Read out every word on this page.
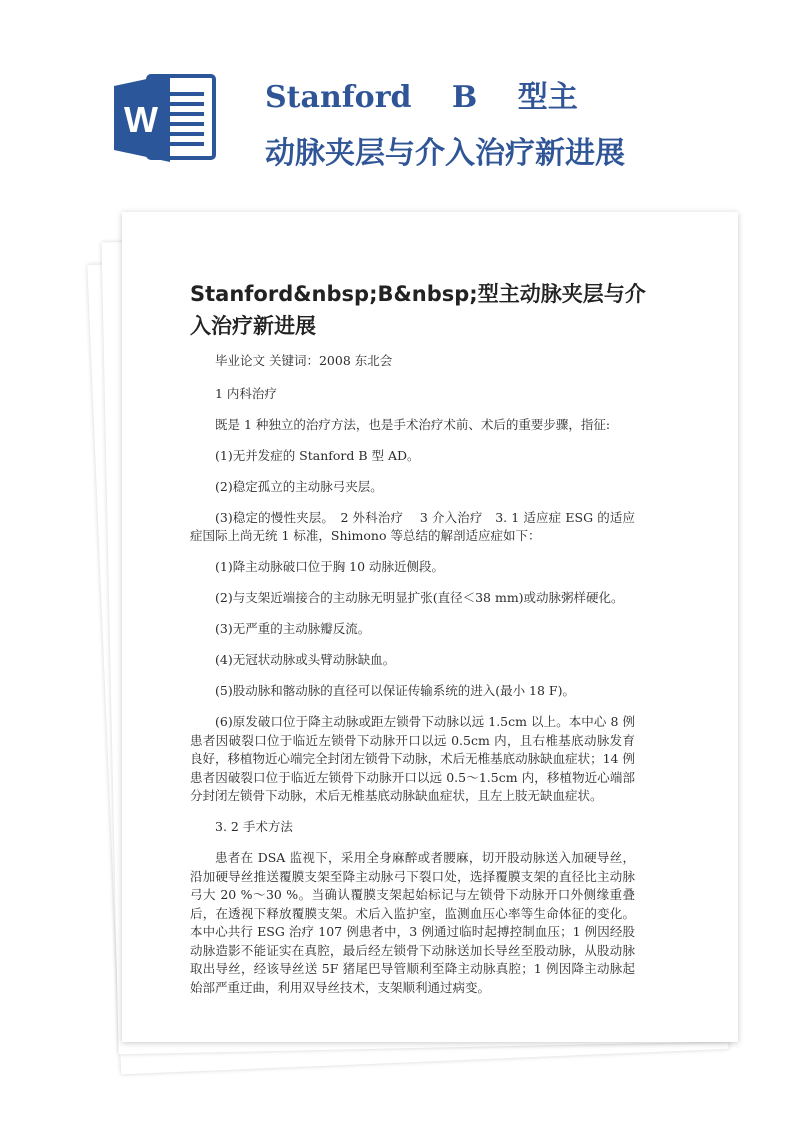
W
Stanford　 B　 型主
动脉夹层与介入治疗新进展
Stanford&nbsp;B&nbsp;型主动脉夹层与介入治疗新进展

毕业论文 关键词：2008 东北会

1 内科治疗

既是 1 种独立的治疗方法，也是手术治疗术前、术后的重要步骤，指征:

(1)无并发症的 Stanford B 型 AD。

(2)稳定孤立的主动脉弓夹层。

(3)稳定的慢性夹层。　2 外科治疗　 3 介入治疗　3. 1 适应症 ESG 的适应症国际上尚无统 1 标准，Shimono 等总结的解剖适应症如下：

(1)降主动脉破口位于胸 10 动脉近侧段。

(2)与支架近端接合的主动脉无明显扩张(直径＜38 mm)或动脉粥样硬化。

(3)无严重的主动脉瓣反流。

(4)无冠状动脉或头臂动脉缺血。

(5)股动脉和髂动脉的直径可以保证传输系统的进入(最小 18 F)。

(6)原发破口位于降主动脉或距左锁骨下动脉以远 1.5cm 以上。本中心 8 例患者因破裂口位于临近左锁骨下动脉开口以远 0.5cm 内，且右椎基底动脉发育良好，移植物近心端完全封闭左锁骨下动脉，术后无椎基底动脉缺血症状；14 例患者因破裂口位于临近左锁骨下动脉开口以远 0.5～1.5cm 内，移植物近心端部分封闭左锁骨下动脉，术后无椎基底动脉缺血症状，且左上肢无缺血症状。

3. 2 手术方法

患者在 DSA 监视下，采用全身麻醉或者腰麻，切开股动脉送入加硬导丝，沿加硬导丝推送覆膜支架至降主动脉弓下裂口处，选择覆膜支架的直径比主动脉弓大 20 %～30 %。当确认覆膜支架起始标记与左锁骨下动脉开口外侧缘重叠后，在透视下释放覆膜支架。术后入监护室，监测血压心率等生命体征的变化。本中心共行 ESG 治疗 107 例患者中，3 例通过临时起搏控制血压；1 例因经股动脉造影不能证实在真腔，最后经左锁骨下动脉送加长导丝至股动脉，从股动脉取出导丝，经该导丝送 5F 猪尾巴导管顺利至降主动脉真腔；1 例因降主动脉起始部严重迂曲，利用双导丝技术，支架顺利通过病变。
